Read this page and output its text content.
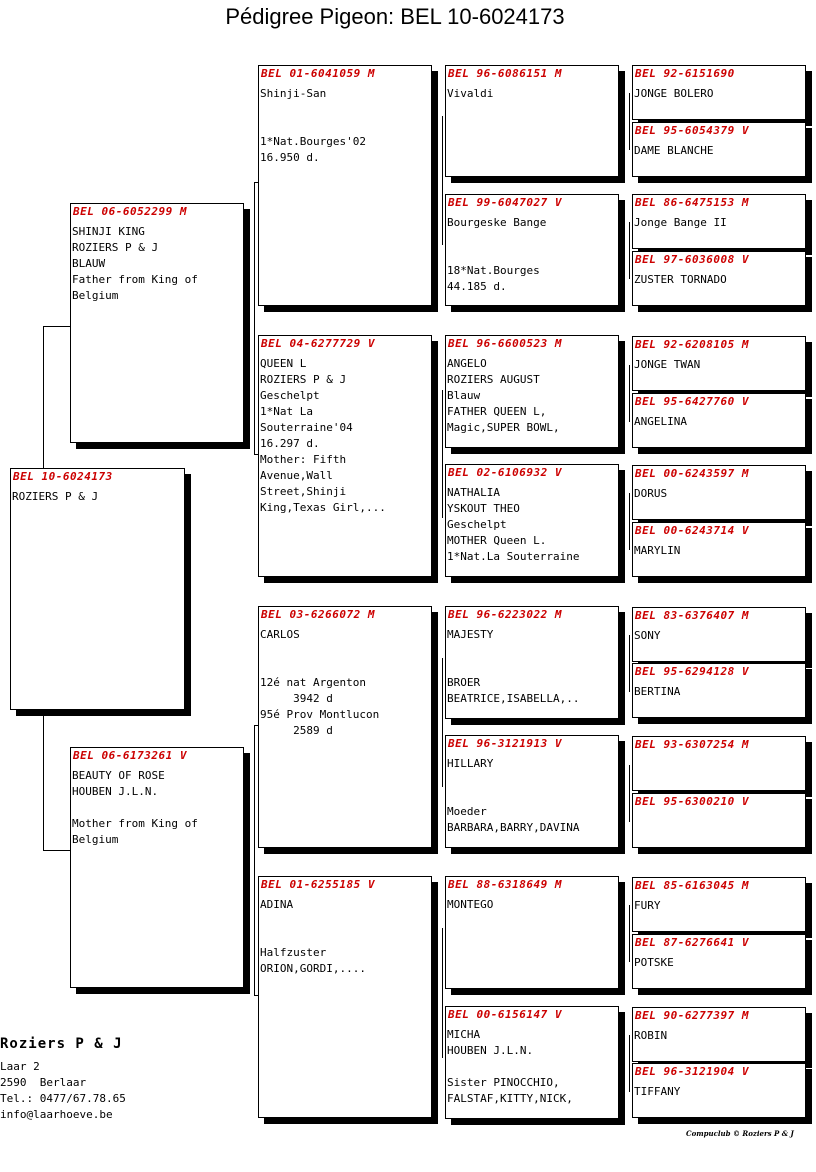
Pédigree Pigeon: BEL 10-6024173
BEL 10-6024173
ROZIERS P & J
BEL 06-6052299 M
SHINJI KING
ROZIERS P & J
BLAUW
Father from King of
Belgium
BEL 06-6173261 V
BEAUTY OF ROSE
HOUBEN J.L.N.

Mother from King of
Belgium
BEL 01-6041059 M
Shinji-San

1*Nat.Bourges'02
16.950 d.
BEL 04-6277729 V
QUEEN L
ROZIERS P & J
Geschelpt
1*Nat La
Souterraine'04
16.297 d.
Mother: Fifth
Avenue,Wall
Street,Shinji
King,Texas Girl,...
BEL 03-6266072 M
CARLOS

12é nat Argenton
3942 d
95é Prov Montlucon
2589 d
BEL 01-6255185 V
ADINA

Halfzuster
ORION,GORDI,....
BEL 96-6086151 M
Vivaldi
BEL 99-6047027 V
Bourgeske Bange

18*Nat.Bourges
44.185 d.
BEL 96-6600523 M
ANGELO
ROZIERS AUGUST
Blauw
FATHER QUEEN L,
Magic,SUPER BOWL,
BEL 02-6106932 V
NATHALIA
YSKOUT THEO
Geschelpt
MOTHER Queen L.
1*Nat.La Souterraine
BEL 96-6223022 M
MAJESTY

BROER
BEATRICE,ISABELLA,..
BEL 96-3121913 V
HILLARY

Moeder
BARBARA,BARRY,DAVINA
BEL 88-6318649 M
MONTEGO
BEL 00-6156147 V
MICHA
HOUBEN J.L.N.

Sister PINOCCHIO,
FALSTAF,KITTY,NICK,
BEL 92-6151690
JONGE BOLERO
BEL 95-6054379 V
DAME BLANCHE
BEL 86-6475153 M
Jonge Bange II
BEL 97-6036008 V
ZUSTER TORNADO
BEL 92-6208105 M
JONGE TWAN
BEL 95-6427760 V
ANGELINA
BEL 00-6243597 M
DORUS
BEL 00-6243714 V
MARYLIN
BEL 83-6376407 M
SONY
BEL 95-6294128 V
BERTINA
BEL 93-6307254 M
BEL 95-6300210 V
BEL 85-6163045 M
FURY
BEL 87-6276641 V
POTSKE
BEL 90-6277397 M
ROBIN
BEL 96-3121904 V
TIFFANY
Roziers P & J
Laar 2
2590  Berlaar
Tel.: 0477/67.78.65
info@laarhoeve.be
Compuclub © Roziers P & J
